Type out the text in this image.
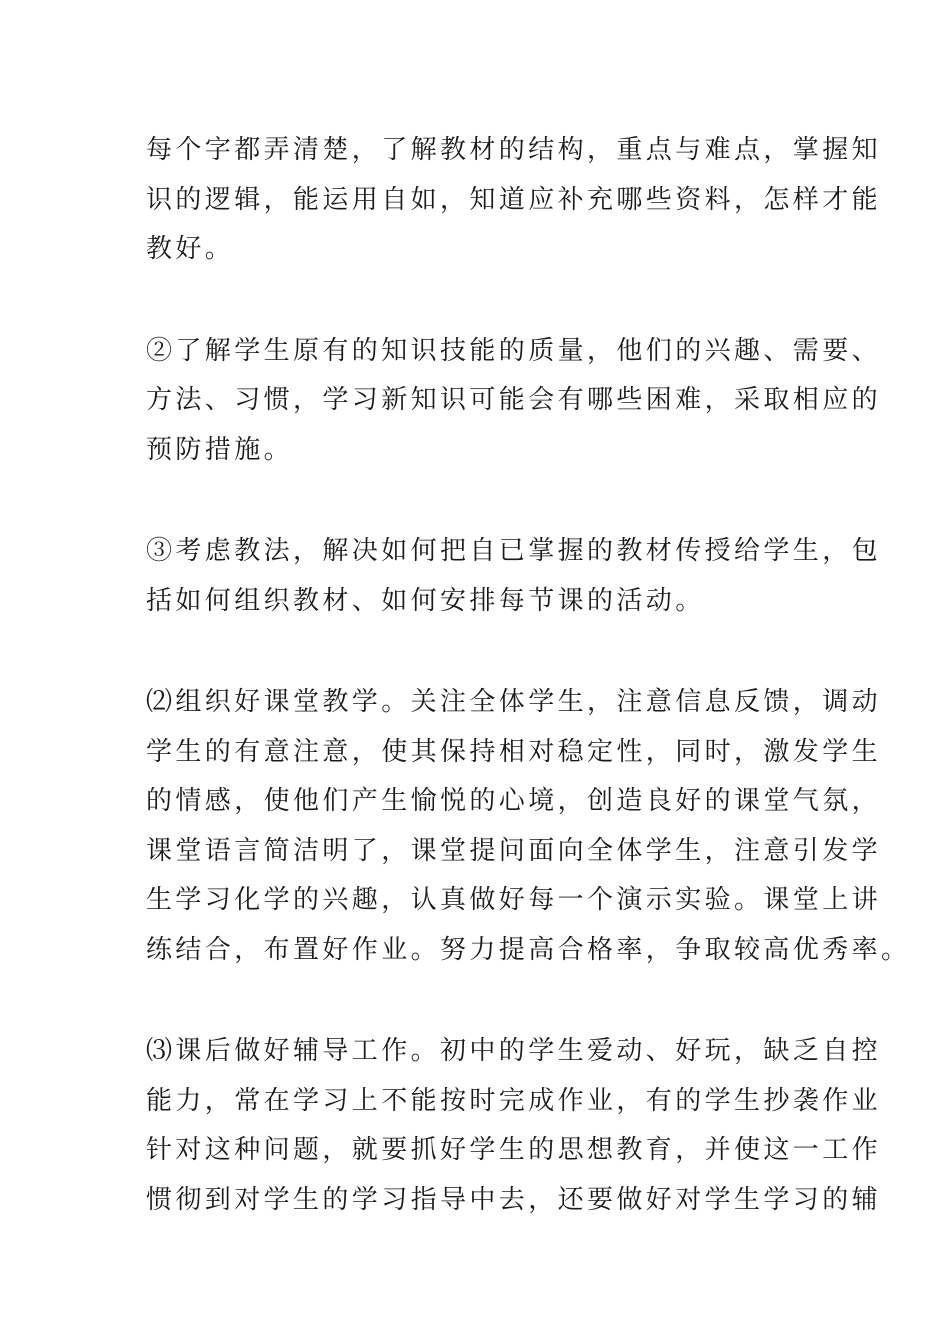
每个字都弄清楚，了解教材的结构，重点与难点，掌握知
识的逻辑，能运用自如，知道应补充哪些资料，怎样才能
教好。
②了解学生原有的知识技能的质量，他们的兴趣、需要、
方法、习惯，学习新知识可能会有哪些困难，采取相应的
预防措施。
③考虑教法，解决如何把自已掌握的教材传授给学生，包
括如何组织教材、如何安排每节课的活动。
⑵组织好课堂教学。关注全体学生，注意信息反馈，调动
学生的有意注意，使其保持相对稳定性，同时，激发学生
的情感，使他们产生愉悦的心境，创造良好的课堂气氛，
课堂语言简洁明了，课堂提问面向全体学生，注意引发学
生学习化学的兴趣，认真做好每一个演示实验。课堂上讲
练结合，布置好作业。努力提高合格率，争取较高优秀率。
⑶课后做好辅导工作。初中的学生爱动、好玩，缺乏自控
能力，常在学习上不能按时完成作业，有的学生抄袭作业
针对这种问题，就要抓好学生的思想教育，并使这一工作
惯彻到对学生的学习指导中去，还要做好对学生学习的辅
